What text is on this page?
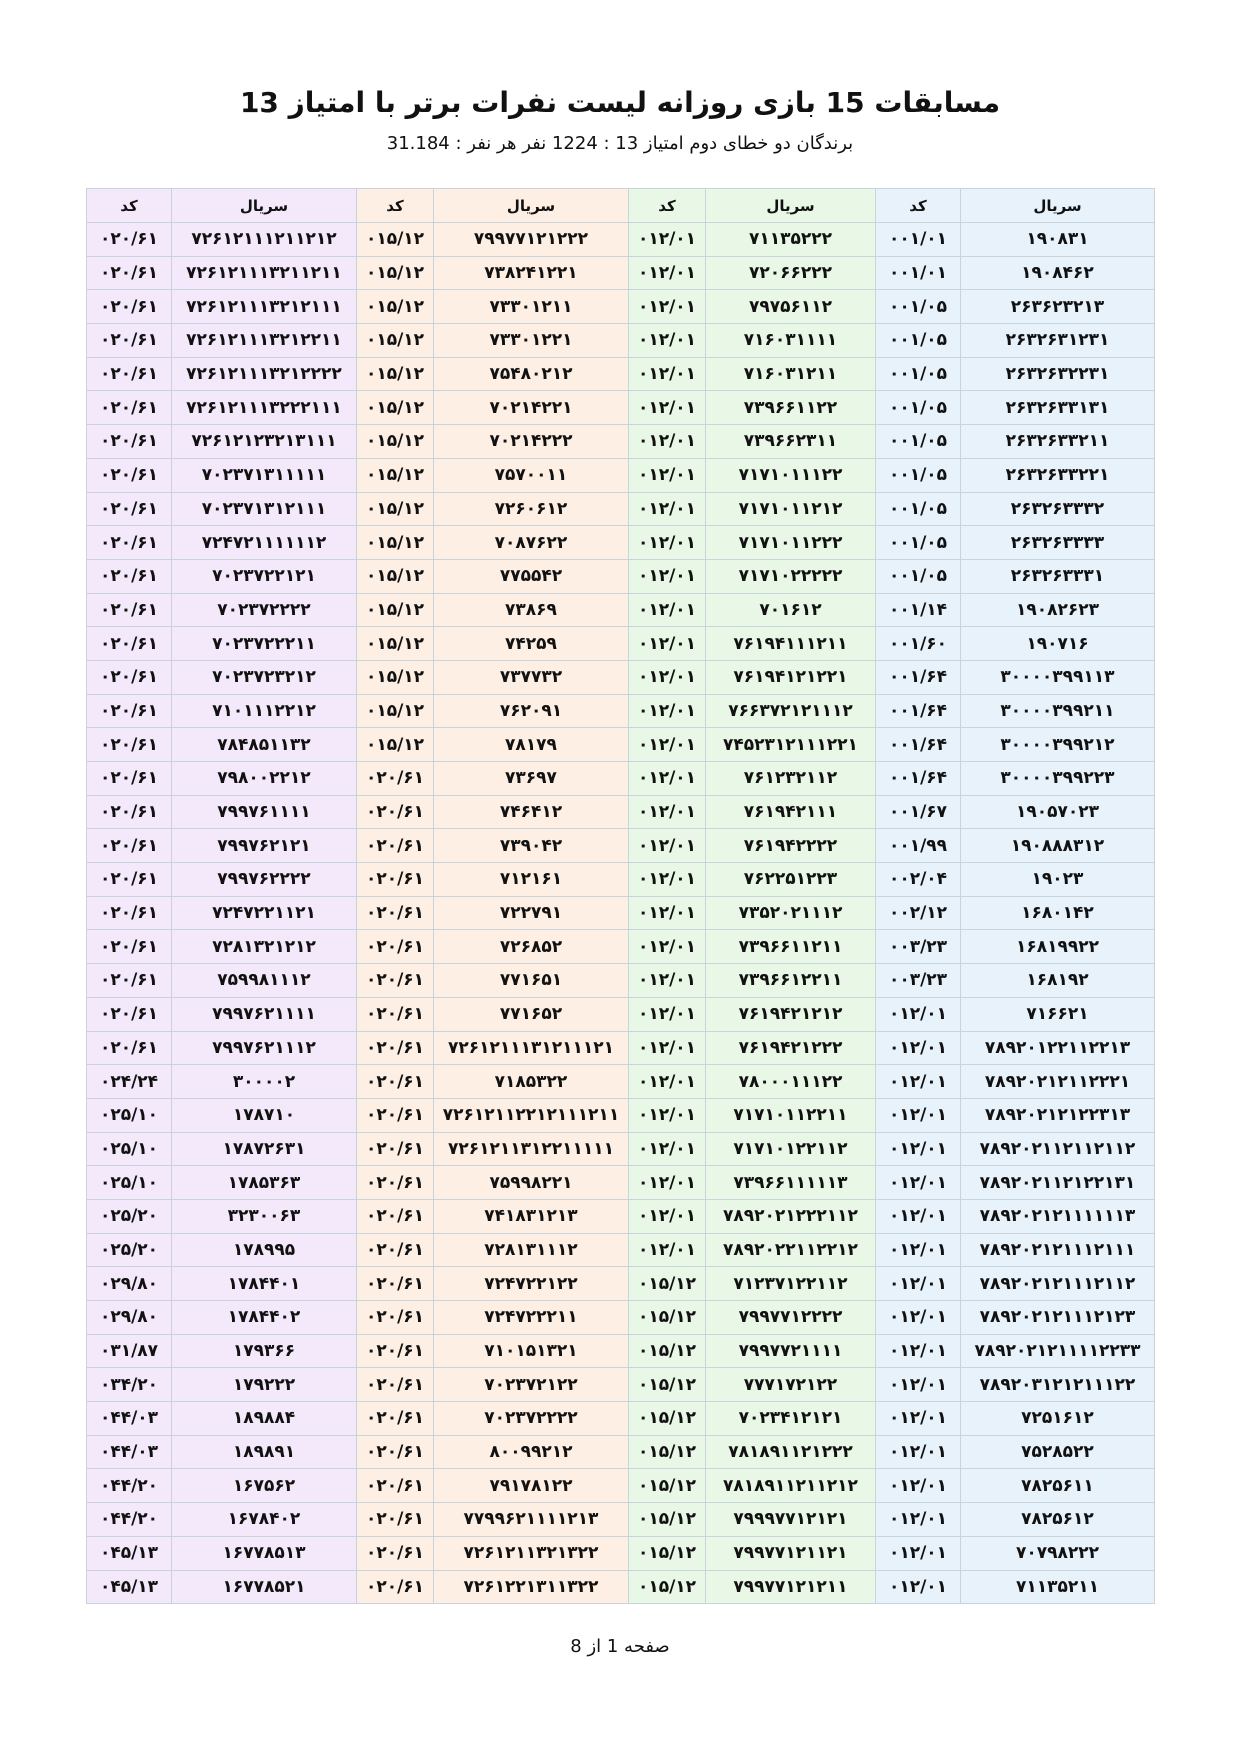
مسابقات 15 بازی روزانه لیست نفرات برتر با امتیاز 13
برندگان دو خطای دوم امتیاز 13 : 1224 نفر هر نفر : 31.184
کد	سریال	کد	سریال	کد	سریال	کد	سریال
۰۲۰/۶۱	۷۲۶۱۲۱۱۱۲۱۱۲۱۲	۰۱۵/۱۲	۷۹۹۷۷۱۲۱۲۲۲	۰۱۲/۰۱	۷۱۱۳۵۲۲۲	۰۰۱/۰۱	۱۹۰۸۳۱
۰۲۰/۶۱	۷۲۶۱۲۱۱۱۳۲۱۱۲۱۱	۰۱۵/۱۲	۷۳۸۲۴۱۲۲۱	۰۱۲/۰۱	۷۲۰۶۶۲۲۲	۰۰۱/۰۱	۱۹۰۸۴۶۲
۰۲۰/۶۱	۷۲۶۱۲۱۱۱۳۲۱۲۱۱۱	۰۱۵/۱۲	۷۳۳۰۱۲۱۱	۰۱۲/۰۱	۷۹۷۵۶۱۱۲	۰۰۱/۰۵	۲۶۳۶۲۳۲۱۳
۰۲۰/۶۱	۷۲۶۱۲۱۱۱۳۲۱۲۲۱۱	۰۱۵/۱۲	۷۳۳۰۱۲۲۱	۰۱۲/۰۱	۷۱۶۰۳۱۱۱۱	۰۰۱/۰۵	۲۶۳۲۶۳۱۲۳۱
۰۲۰/۶۱	۷۲۶۱۲۱۱۱۳۲۱۲۲۲۲	۰۱۵/۱۲	۷۵۴۸۰۲۱۲	۰۱۲/۰۱	۷۱۶۰۳۱۲۱۱	۰۰۱/۰۵	۲۶۳۲۶۳۲۲۳۱
۰۲۰/۶۱	۷۲۶۱۲۱۱۱۳۲۲۲۱۱۱	۰۱۵/۱۲	۷۰۲۱۴۲۲۱	۰۱۲/۰۱	۷۳۹۶۶۱۱۲۲	۰۰۱/۰۵	۲۶۳۲۶۳۳۱۳۱
۰۲۰/۶۱	۷۲۶۱۲۱۲۳۲۱۳۱۱۱	۰۱۵/۱۲	۷۰۲۱۴۲۲۲	۰۱۲/۰۱	۷۳۹۶۶۲۳۱۱	۰۰۱/۰۵	۲۶۳۲۶۳۳۲۱۱
۰۲۰/۶۱	۷۰۲۳۷۱۳۱۱۱۱۱	۰۱۵/۱۲	۷۵۷۰۰۱۱	۰۱۲/۰۱	۷۱۷۱۰۱۱۱۲۲	۰۰۱/۰۵	۲۶۳۲۶۳۳۲۲۱
۰۲۰/۶۱	۷۰۲۳۷۱۳۱۲۱۱۱	۰۱۵/۱۲	۷۲۶۰۶۱۲	۰۱۲/۰۱	۷۱۷۱۰۱۱۲۱۲	۰۰۱/۰۵	۲۶۳۲۶۳۳۳۲
۰۲۰/۶۱	۷۲۴۷۲۱۱۱۱۱۱۲	۰۱۵/۱۲	۷۰۸۷۶۲۲	۰۱۲/۰۱	۷۱۷۱۰۱۱۲۲۲	۰۰۱/۰۵	۲۶۳۲۶۳۳۳۳
۰۲۰/۶۱	۷۰۲۳۷۲۲۱۲۱	۰۱۵/۱۲	۷۷۵۵۴۲	۰۱۲/۰۱	۷۱۷۱۰۲۲۲۲۲	۰۰۱/۰۵	۲۶۳۲۶۳۳۳۱
۰۲۰/۶۱	۷۰۲۳۷۲۲۲۲	۰۱۵/۱۲	۷۳۸۶۹	۰۱۲/۰۱	۷۰۱۶۱۲	۰۰۱/۱۴	۱۹۰۸۲۶۲۳
۰۲۰/۶۱	۷۰۲۳۷۲۲۲۱۱	۰۱۵/۱۲	۷۴۲۵۹	۰۱۲/۰۱	۷۶۱۹۴۱۱۱۲۱۱	۰۰۱/۶۰	۱۹۰۷۱۶
۰۲۰/۶۱	۷۰۲۳۷۲۳۲۱۲	۰۱۵/۱۲	۷۳۷۷۳۲	۰۱۲/۰۱	۷۶۱۹۴۱۲۱۲۲۱	۰۰۱/۶۴	۳۰۰۰۰۳۹۹۱۱۳
۰۲۰/۶۱	۷۱۰۱۱۱۲۲۱۲	۰۱۵/۱۲	۷۶۲۰۹۱	۰۱۲/۰۱	۷۶۶۳۷۲۱۲۱۱۱۲	۰۰۱/۶۴	۳۰۰۰۰۳۹۹۲۱۱
۰۲۰/۶۱	۷۸۴۸۵۱۱۳۲	۰۱۵/۱۲	۷۸۱۷۹	۰۱۲/۰۱	۷۴۵۲۳۱۲۱۱۱۲۲۱	۰۰۱/۶۴	۳۰۰۰۰۳۹۹۲۱۲
۰۲۰/۶۱	۷۹۸۰۰۲۲۱۲	۰۲۰/۶۱	۷۳۶۹۷	۰۱۲/۰۱	۷۶۱۲۳۲۱۱۲	۰۰۱/۶۴	۳۰۰۰۰۳۹۹۲۲۳
۰۲۰/۶۱	۷۹۹۷۶۱۱۱۱	۰۲۰/۶۱	۷۴۶۴۱۲	۰۱۲/۰۱	۷۶۱۹۴۲۱۱۱	۰۰۱/۶۷	۱۹۰۵۷۰۲۳
۰۲۰/۶۱	۷۹۹۷۶۲۱۲۱	۰۲۰/۶۱	۷۳۹۰۴۲	۰۱۲/۰۱	۷۶۱۹۴۲۲۲۲	۰۰۱/۹۹	۱۹۰۸۸۸۳۱۲
۰۲۰/۶۱	۷۹۹۷۶۲۲۲۲	۰۲۰/۶۱	۷۱۲۱۶۱	۰۱۲/۰۱	۷۶۲۲۵۱۲۲۳	۰۰۲/۰۴	۱۹۰۲۳
۰۲۰/۶۱	۷۲۴۷۲۲۱۱۲۱	۰۲۰/۶۱	۷۲۲۷۹۱	۰۱۲/۰۱	۷۳۵۲۰۲۱۱۱۲	۰۰۲/۱۲	۱۶۸۰۱۴۲
۰۲۰/۶۱	۷۲۸۱۳۲۱۲۱۲	۰۲۰/۶۱	۷۲۶۸۵۲	۰۱۲/۰۱	۷۳۹۶۶۱۱۲۱۱	۰۰۳/۲۳	۱۶۸۱۹۹۲۲
۰۲۰/۶۱	۷۵۹۹۸۱۱۱۲	۰۲۰/۶۱	۷۷۱۶۵۱	۰۱۲/۰۱	۷۳۹۶۶۱۲۲۱۱	۰۰۳/۲۳	۱۶۸۱۹۲
۰۲۰/۶۱	۷۹۹۷۶۲۱۱۱۱	۰۲۰/۶۱	۷۷۱۶۵۲	۰۱۲/۰۱	۷۶۱۹۴۲۱۲۱۲	۰۱۲/۰۱	۷۱۶۶۲۱
۰۲۰/۶۱	۷۹۹۷۶۲۱۱۱۲	۰۲۰/۶۱	۷۲۶۱۲۱۱۱۳۱۲۱۱۱۲۱	۰۱۲/۰۱	۷۶۱۹۴۲۱۲۲۲	۰۱۲/۰۱	۷۸۹۲۰۱۲۲۱۱۲۲۱۳
۰۲۴/۲۴	۳۰۰۰۰۲	۰۲۰/۶۱	۷۱۸۵۳۲۲	۰۱۲/۰۱	۷۸۰۰۰۱۱۱۲۲	۰۱۲/۰۱	۷۸۹۲۰۲۱۲۱۱۲۲۲۱
۰۲۵/۱۰	۱۷۸۷۱۰	۰۲۰/۶۱	۷۲۶۱۲۱۱۲۲۱۲۱۱۱۲۱۱	۰۱۲/۰۱	۷۱۷۱۰۱۱۲۲۱۱	۰۱۲/۰۱	۷۸۹۲۰۲۱۲۱۲۲۳۱۳
۰۲۵/۱۰	۱۷۸۷۲۶۳۱	۰۲۰/۶۱	۷۲۶۱۲۱۱۳۱۲۲۱۱۱۱۱	۰۱۲/۰۱	۷۱۷۱۰۱۲۲۱۱۲	۰۱۲/۰۱	۷۸۹۲۰۲۱۱۲۱۱۲۱۱۲
۰۲۵/۱۰	۱۷۸۵۳۶۳	۰۲۰/۶۱	۷۵۹۹۸۲۲۱	۰۱۲/۰۱	۷۳۹۶۶۱۱۱۱۱۳	۰۱۲/۰۱	۷۸۹۲۰۲۱۱۲۱۲۲۱۳۱
۰۲۵/۲۰	۳۲۳۰۰۶۳	۰۲۰/۶۱	۷۴۱۸۳۱۲۱۳	۰۱۲/۰۱	۷۸۹۲۰۲۱۲۲۲۱۱۲	۰۱۲/۰۱	۷۸۹۲۰۲۱۲۱۱۱۱۱۱۳
۰۲۵/۲۰	۱۷۸۹۹۵	۰۲۰/۶۱	۷۲۸۱۳۱۱۱۲	۰۱۲/۰۱	۷۸۹۲۰۲۲۱۱۲۲۱۲	۰۱۲/۰۱	۷۸۹۲۰۲۱۲۱۱۱۲۱۱۱
۰۲۹/۸۰	۱۷۸۴۴۰۱	۰۲۰/۶۱	۷۲۴۷۲۲۱۲۲	۰۱۵/۱۲	۷۱۲۳۷۱۲۲۱۱۲	۰۱۲/۰۱	۷۸۹۲۰۲۱۲۱۱۱۲۱۱۲
۰۲۹/۸۰	۱۷۸۴۴۰۲	۰۲۰/۶۱	۷۲۴۷۲۲۲۱۱	۰۱۵/۱۲	۷۹۹۷۷۱۲۲۲۲	۰۱۲/۰۱	۷۸۹۲۰۲۱۲۱۱۱۲۱۲۳
۰۳۱/۸۷	۱۷۹۳۶۶	۰۲۰/۶۱	۷۱۰۱۵۱۳۲۱	۰۱۵/۱۲	۷۹۹۷۷۲۱۱۱۱	۰۱۲/۰۱	۷۸۹۲۰۲۱۲۱۱۱۱۲۲۳۳
۰۳۴/۲۰	۱۷۹۲۲۲	۰۲۰/۶۱	۷۰۲۳۷۲۱۲۲	۰۱۵/۱۲	۷۷۷۱۷۲۱۲۲	۰۱۲/۰۱	۷۸۹۲۰۳۱۲۱۲۱۱۱۲۲
۰۴۴/۰۳	۱۸۹۸۸۴	۰۲۰/۶۱	۷۰۲۳۷۲۲۲۲	۰۱۵/۱۲	۷۰۲۳۴۱۲۱۲۱	۰۱۲/۰۱	۷۲۵۱۶۱۲
۰۴۴/۰۳	۱۸۹۸۹۱	۰۲۰/۶۱	۸۰۰۹۹۲۱۲	۰۱۵/۱۲	۷۸۱۸۹۱۱۲۱۲۲۲	۰۱۲/۰۱	۷۵۲۸۵۲۲
۰۴۴/۲۰	۱۶۷۵۶۲	۰۲۰/۶۱	۷۹۱۷۸۱۲۲	۰۱۵/۱۲	۷۸۱۸۹۱۱۲۱۱۲۱۲	۰۱۲/۰۱	۷۸۲۵۶۱۱
۰۴۴/۲۰	۱۶۷۸۴۰۲	۰۲۰/۶۱	۷۷۹۹۶۲۱۱۱۱۲۱۳	۰۱۵/۱۲	۷۹۹۹۷۷۱۲۱۲۱	۰۱۲/۰۱	۷۸۲۵۶۱۲
۰۴۵/۱۳	۱۶۷۷۸۵۱۳	۰۲۰/۶۱	۷۲۶۱۲۱۱۳۲۱۳۲۲	۰۱۵/۱۲	۷۹۹۷۷۱۲۱۱۲۱	۰۱۲/۰۱	۷۰۷۹۸۲۲۲
۰۴۵/۱۳	۱۶۷۷۸۵۲۱	۰۲۰/۶۱	۷۲۶۱۲۲۱۳۱۱۳۲۲	۰۱۵/۱۲	۷۹۹۷۷۱۲۱۲۱۱	۰۱۲/۰۱	۷۱۱۳۵۲۱۱
صفحه 1 از 8
